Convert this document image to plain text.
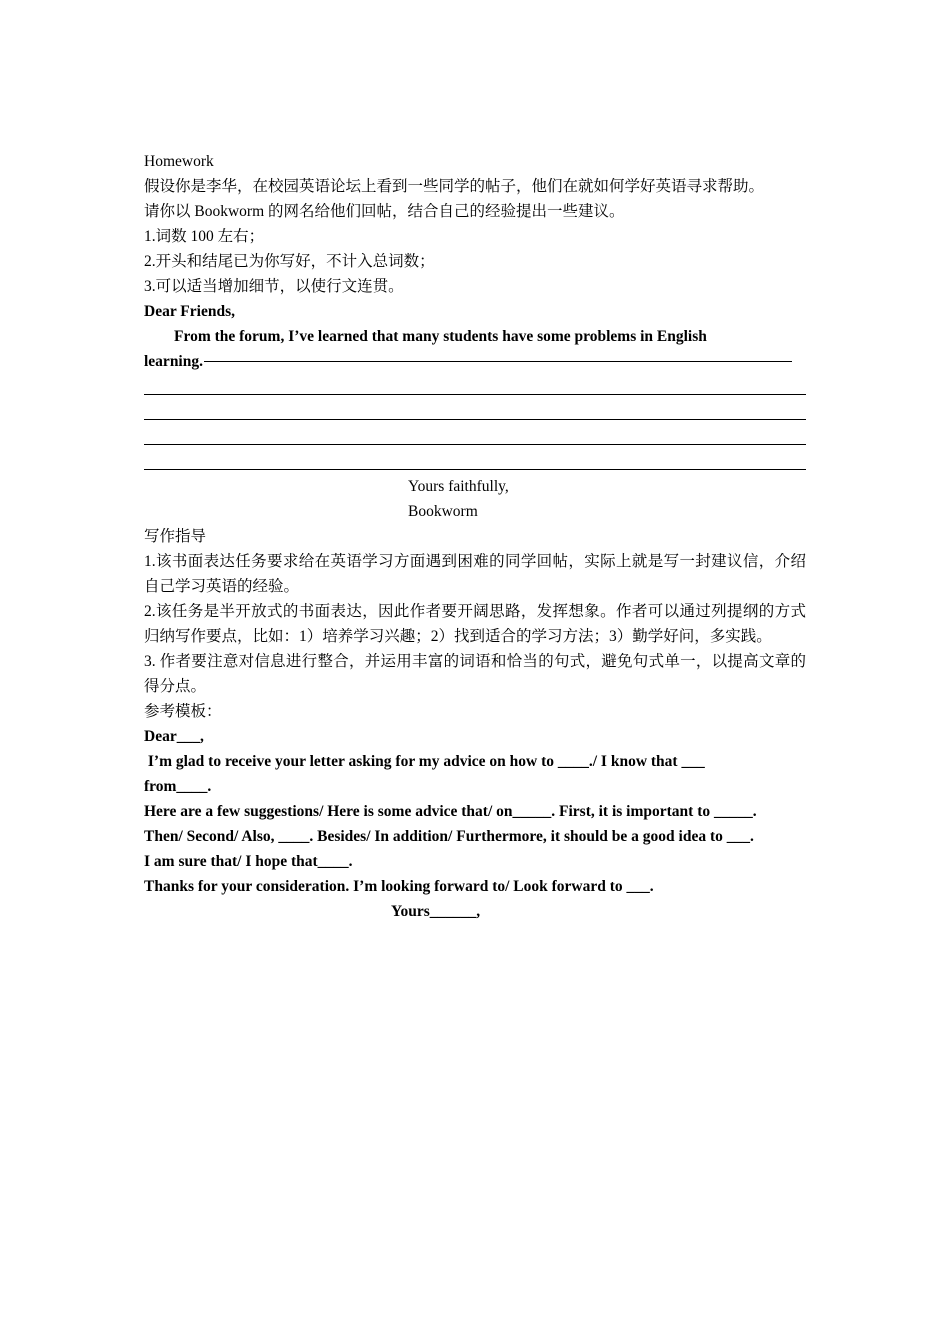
Homework
假设你是李华，在校园英语论坛上看到一些同学的帖子，他们在就如何学好英语寻求帮助。
请你以 Bookworm 的网名给他们回帖，结合自己的经验提出一些建议。
1.词数 100 左右；
2.开头和结尾已为你写好，不计入总词数；
3.可以适当增加细节，以使行文连贯。
Dear Friends,
From the forum, I’ve learned that many students have some problems in English
learning.
Yours faithfully,
Bookworm
写作指导
1.该书面表达任务要求给在英语学习方面遇到困难的同学回帖，实际上就是写一封建议信，介绍自己学习英语的经验。
2.该任务是半开放式的书面表达，因此作者要开阔思路，发挥想象。作者可以通过列提纲的方式归纳写作要点，比如：1）培养学习兴趣；2）找到适合的学习方法；3）勤学好问，多实践。
3. 作者要注意对信息进行整合，并运用丰富的词语和恰当的句式，避免句式单一，以提高文章的得分点。
参考模板：
Dear___,
I’m glad to receive your letter asking for my advice on how to ____./ I know that ___
from____.
Here are a few suggestions/ Here is some advice that/ on_____. First, it is important to _____.
Then/ Second/ Also, ____. Besides/ In addition/ Furthermore, it should be a good idea to ___.
I am sure that/ I hope that____.
Thanks for your consideration. I’m looking forward to/ Look forward to ___.
Yours______,
